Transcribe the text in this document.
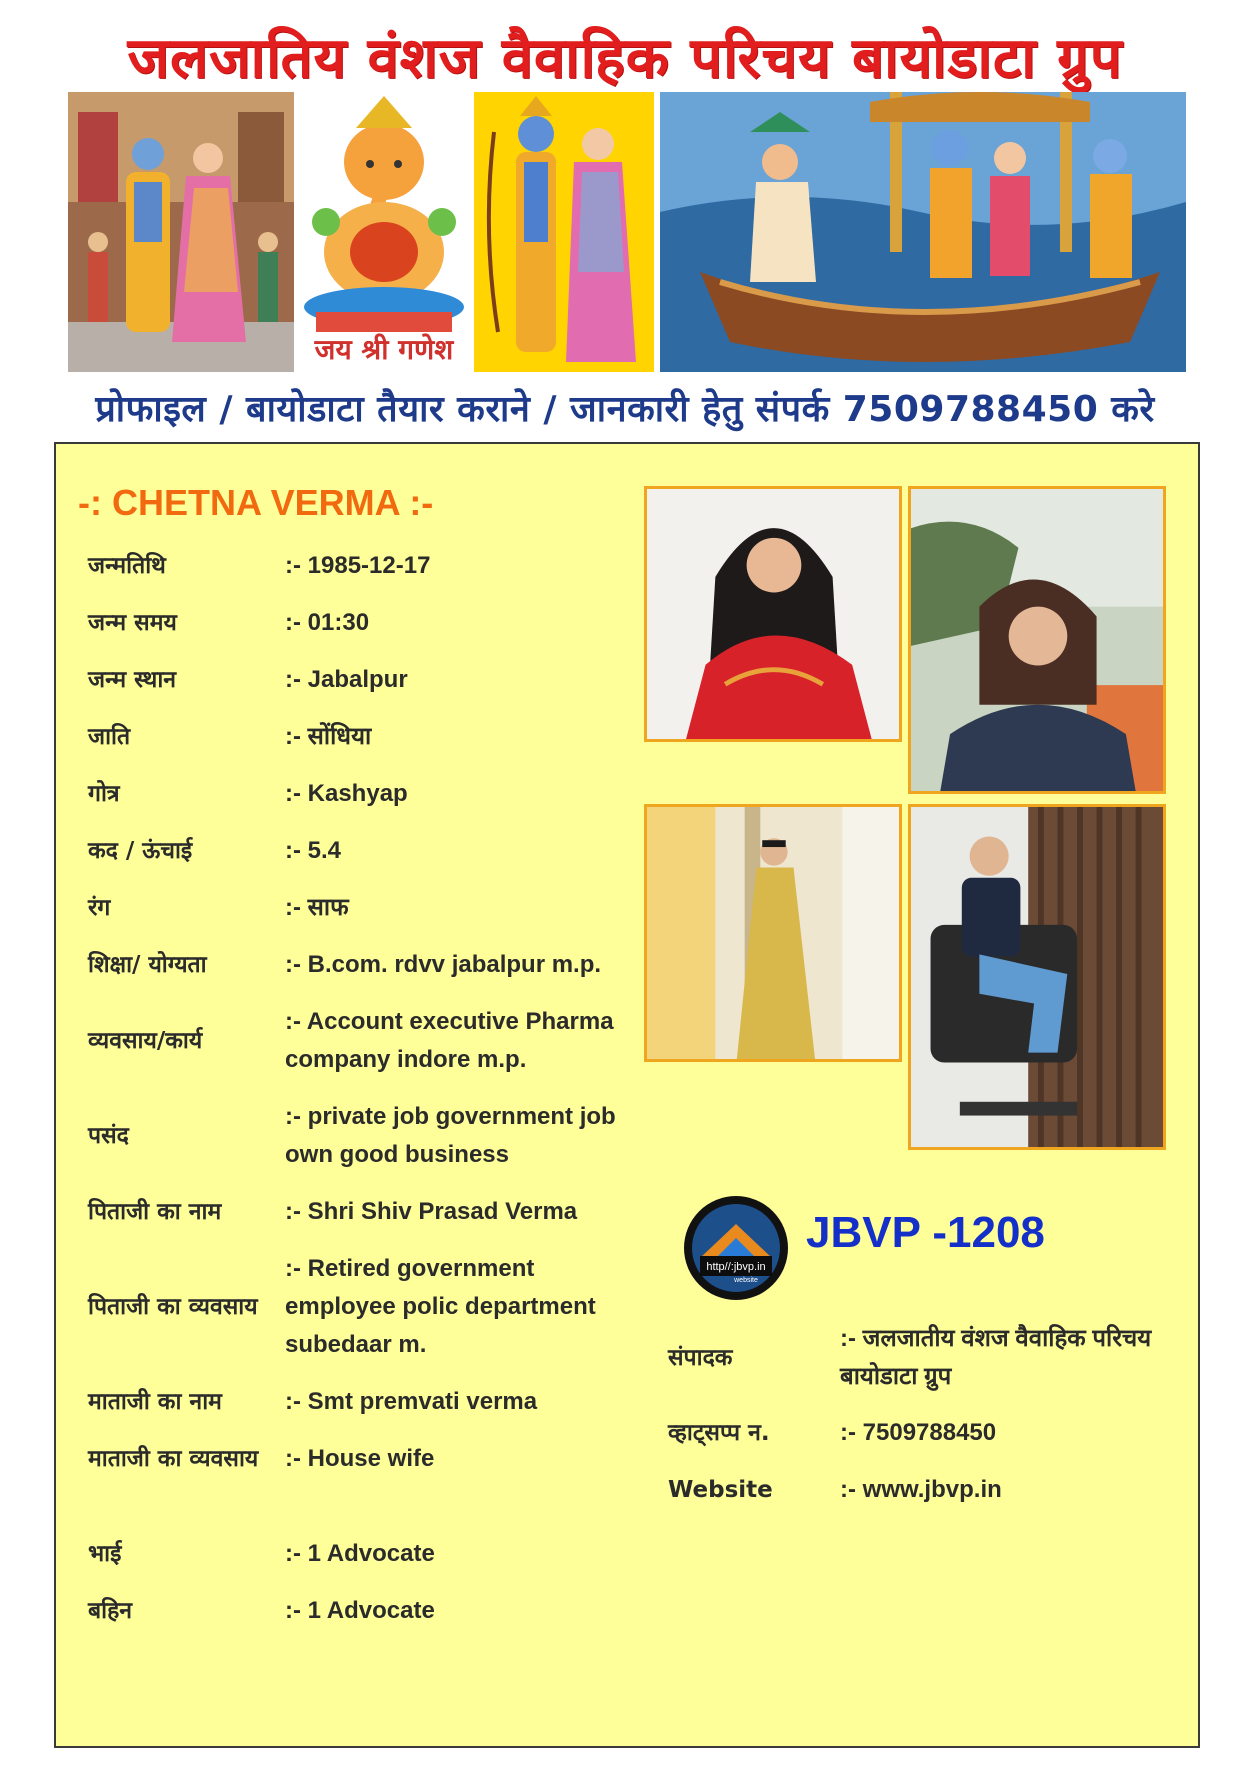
जलजातिय वंशज वैवाहिक परिचय बायोडाटा ग्रुप
जय श्री गणेश
प्रोफाइल / बायोडाटा तैयार कराने / जानकारी हेतु संपर्क 7509788450 करे
-: CHETNA VERMA :-
जन्मतिथि	:- 1985-12-17
जन्म समय	:- 01:30
जन्म स्थान	:- Jabalpur
जाति	:- सोंधिया
गोत्र	:- Kashyap
कद / ऊंचाई	:- 5.4
रंग	:- साफ
शिक्षा/ योग्यता	:- B.com. rdvv jabalpur m.p.
व्यवसाय/कार्य
:- Account executive Pharma company indore m.p.
पसंद
:- private job government job own good business
पिताजी का नाम	:- Shri Shiv Prasad Verma
पिताजी का व्यवसाय
:- Retired government employee polic department subedaar m.
माताजी का नाम	:- Smt premvati verma
माताजी का व्यवसाय	:- House wife
भाई	:- 1 Advocate
बहिन	:- 1 Advocate
http//:jbvp.in
website
JBVP -1208
संपादक
:- जलजातीय वंशज वैवाहिक परिचय बायोडाटा ग्रुप
व्हाट्सप्प न.	:- 7509788450
Website	:- www.jbvp.in
